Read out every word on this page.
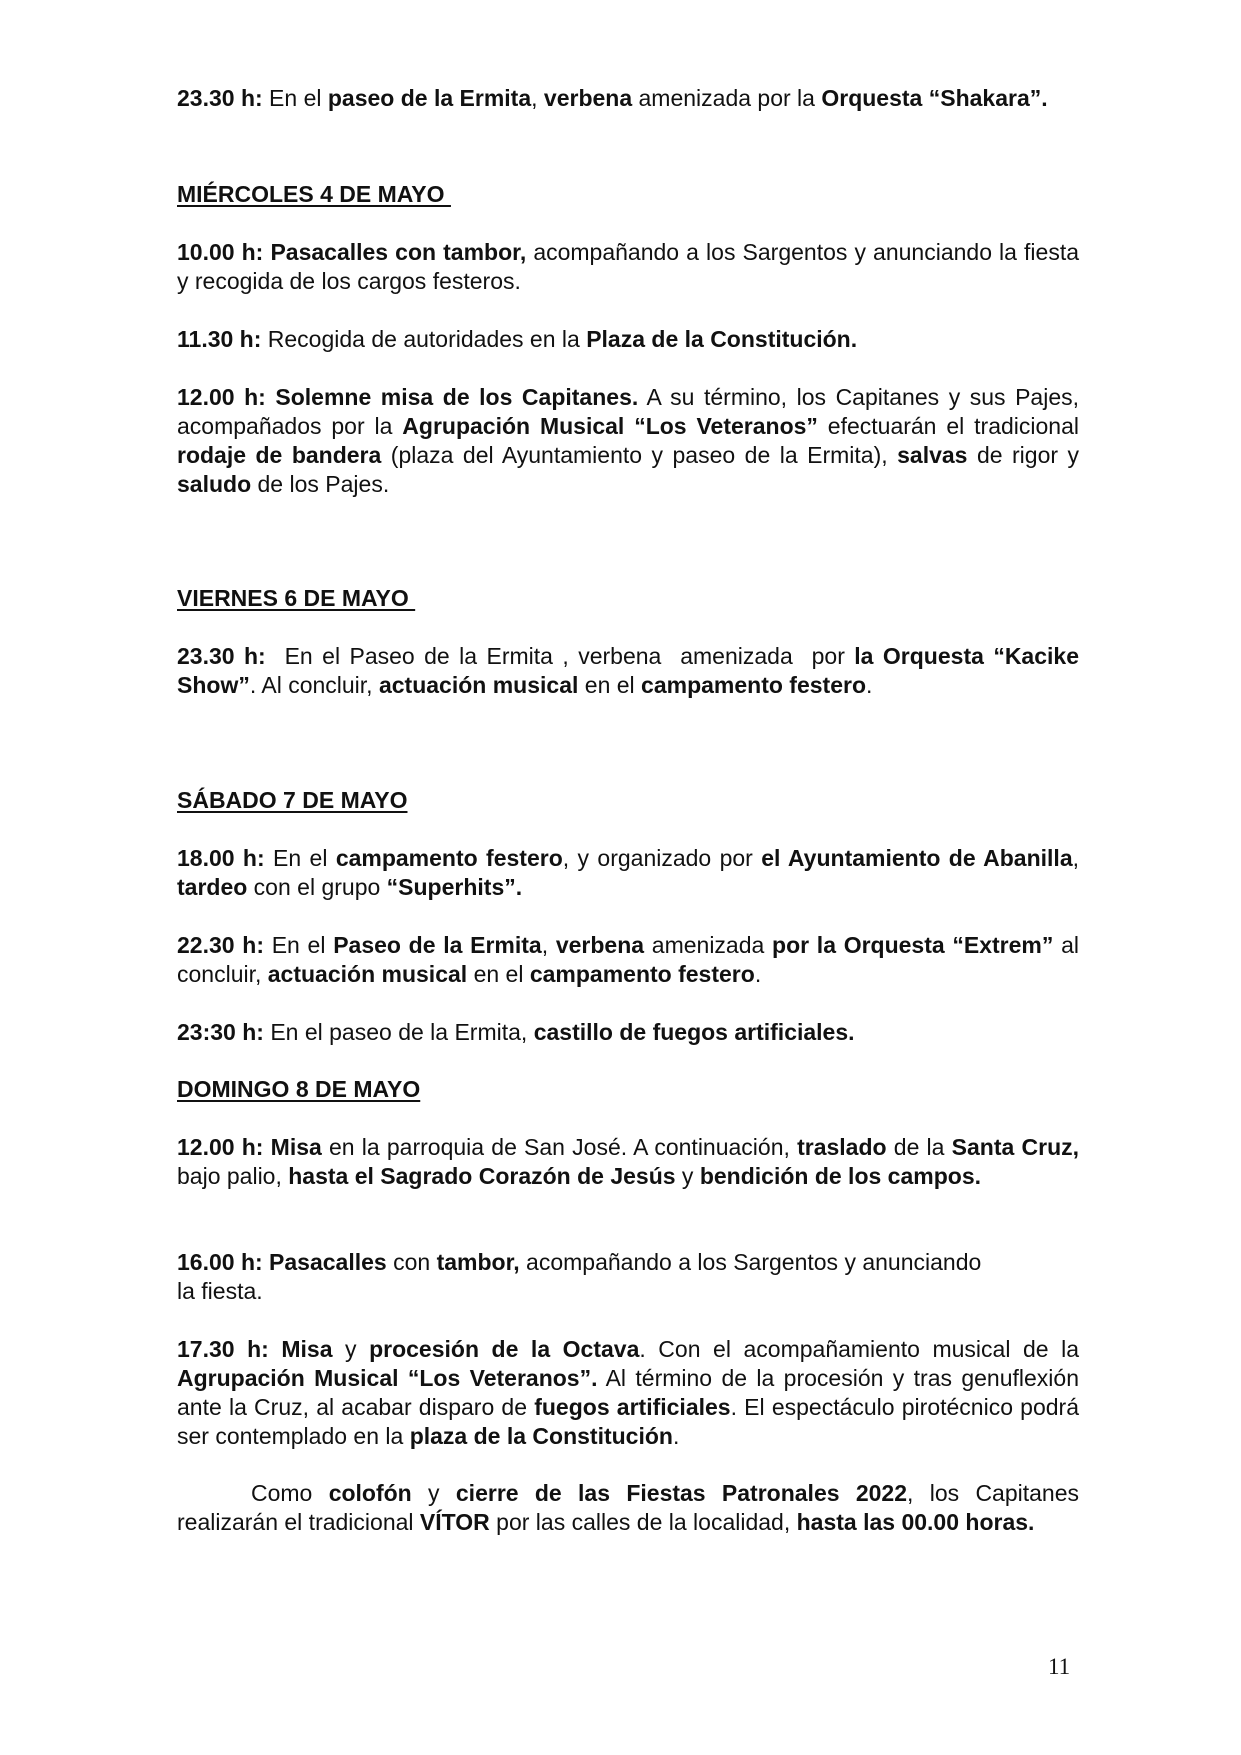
23.30 h: En el paseo de la Ermita, verbena amenizada por la Orquesta “Shakara”.

MIÉRCOLES 4 DE MAYO

10.00 h: Pasacalles con tambor, acompañando a los Sargentos y anunciando la fiesta y recogida de los cargos festeros.

11.30 h: Recogida de autoridades en la Plaza de la Constitución.

12.00 h: Solemne misa de los Capitanes. A su término, los Capitanes y sus Pajes, acompañados por la Agrupación Musical “Los Veteranos” efectuarán el tradicional rodaje de bandera (plaza del Ayuntamiento y paseo de la Ermita), salvas de rigor y saludo de los Pajes.

VIERNES 6 DE MAYO

23.30 h:  En el Paseo de la Ermita , verbena  amenizada  por la Orquesta “Kacike Show”. Al concluir, actuación musical en el campamento festero.

SÁBADO 7 DE MAYO

18.00 h: En el campamento festero, y organizado por el Ayuntamiento de Abanilla, tardeo con el grupo “Superhits”.

22.30 h: En el Paseo de la Ermita, verbena amenizada por la Orquesta “Extrem” al concluir, actuación musical en el campamento festero.

23:30 h: En el paseo de la Ermita, castillo de fuegos artificiales.

DOMINGO 8 DE MAYO

12.00 h: Misa en la parroquia de San José. A continuación, traslado de la Santa Cruz, bajo palio, hasta el Sagrado Corazón de Jesús y bendición de los campos.

16.00 h: Pasacalles con tambor, acompañando a los Sargentos y anunciando
la fiesta.

17.30 h: Misa y procesión de la Octava. Con el acompañamiento musical de la Agrupación Musical “Los Veteranos”. Al término de la procesión y tras genuflexión ante la Cruz, al acabar disparo de fuegos artificiales. El espectáculo pirotécnico podrá ser contemplado en la plaza de la Constitución.

Como colofón y cierre de las Fiestas Patronales 2022, los Capitanes realizarán el tradicional VÍTOR por las calles de la localidad, hasta las 00.00 horas.

11
